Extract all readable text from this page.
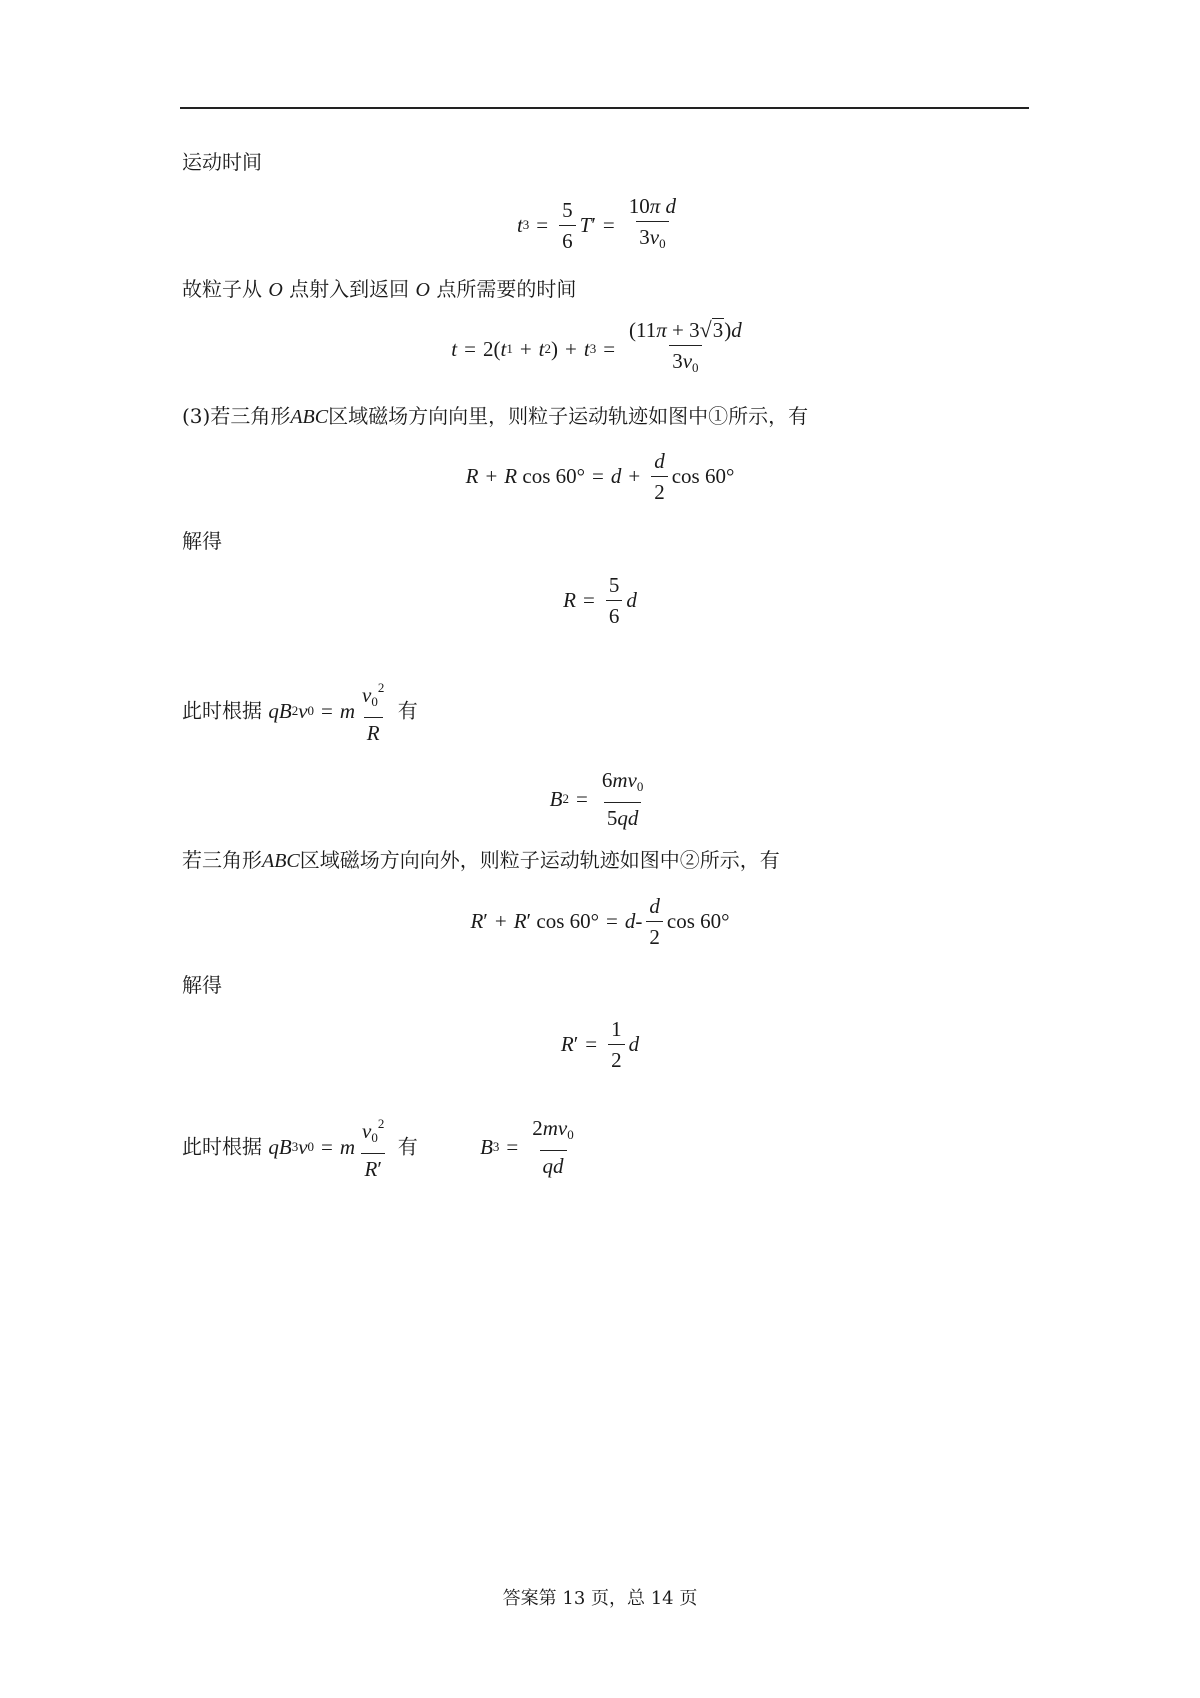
运动时间
t $3 = \frac{5}{6}$ T ′ = $\frac{\text{10π d}}{3v_0}$
故粒子从 O 点射入到返回 O 点所需要的时间
t = 2( t 1 + t 2 ) + t $3 = \frac{(11\pi + 3 √ 3 )d}{3v_0}$
(3)若三角形ABC区域磁场方向向里，则粒子运动轨迹如图中①所示，有
R + R $\cos 60^\circ = d + \frac{d}{2}$ cos 60°
解得
$R = \frac{5}{6}$ d
此时根据 qB 2 v 0 = m $\frac{v_0^2}{R}$ 有
B $2 = \frac{6mv_0}{5qd}$
若三角形ABC区域磁场方向向外，则粒子运动轨迹如图中②所示，有
R ′ + R ′ $\cos 60^\circ = d - \frac{d}{2}$ cos 60°
解得
R ′ = $\frac{1}{2}$ d
此时根据 qB 3 v 0 = m $\frac{v_0^2}{R'}$ 有	B $3 = \frac{2mv_0}{qd}$
答案第 13 页，总 14 页
